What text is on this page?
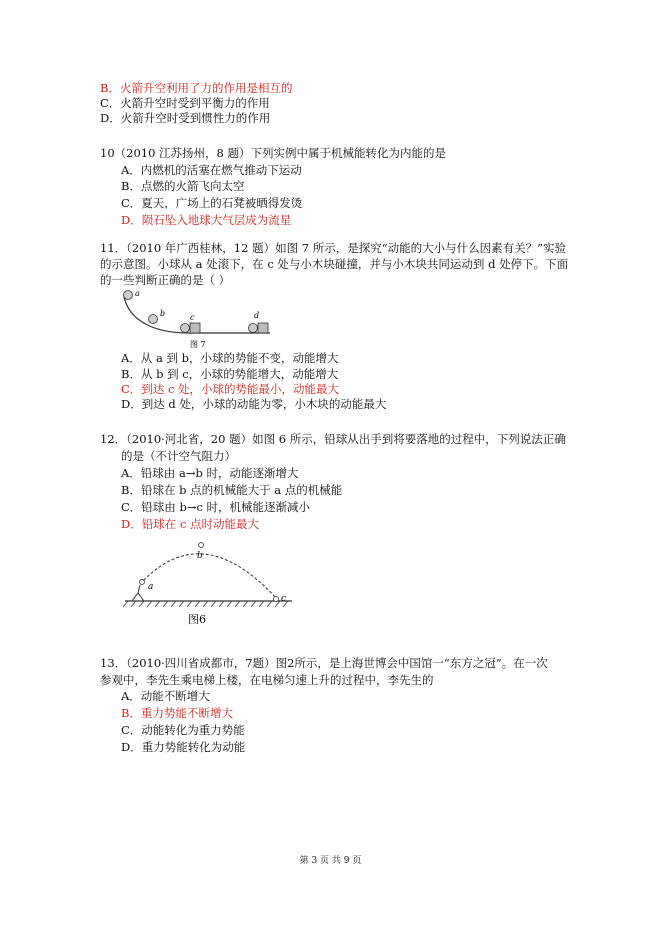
B．火箭升空利用了力的作用是相互的
C．火箭升空时受到平衡力的作用
D．火箭升空时受到惯性力的作用
10（2010 江苏扬州，8 题）下列实例中属于机械能转化为内能的是
A．内燃机的活塞在燃气推动下运动
B．点燃的火箭飞向太空
C．夏天，广场上的石凳被晒得发烫
D．陨石坠入地球大气层成为流星
11．（2010 年广西桂林，12 题）如图 7 所示，是探究“动能的大小与什么因素有关？”实验
的示意图。小球从 a 处滚下，在 c 处与小木块碰撞，并与小木块共同运动到 d 处停下。下面
的一些判断正确的是（ ）
a
b	c	d
图 7
A．从 a 到 b，小球的势能不变，动能增大
B．从 b 到 c，小球的势能增大，动能增大
C．到达 c 处，小球的势能最小，动能最大
D．到达 d 处，小球的动能为零，小木块的动能最大
12．（2010·河北省，20 题）如图 6 所示，铅球从出手到将要落地的过程中，下列说法正确
的是（不计空气阻力）
A．铅球由 a→b 时，动能逐渐增大
B．铅球在 b 点的机械能大于 a 点的机械能
C．铅球由 b→c 时，机械能逐渐减小
D．铅球在 c 点时动能最大
a
b
c
图6
13．（2010·四川省成都市，7题）图2所示，是上海世博会中国馆一“东方之冠”。在一次
参观中，李先生乘电梯上楼，在电梯匀速上升的过程中，李先生的
A．动能不断增大
B．重力势能不断增大
C．动能转化为重力势能
D．重力势能转化为动能
第 3 页 共 9 页
